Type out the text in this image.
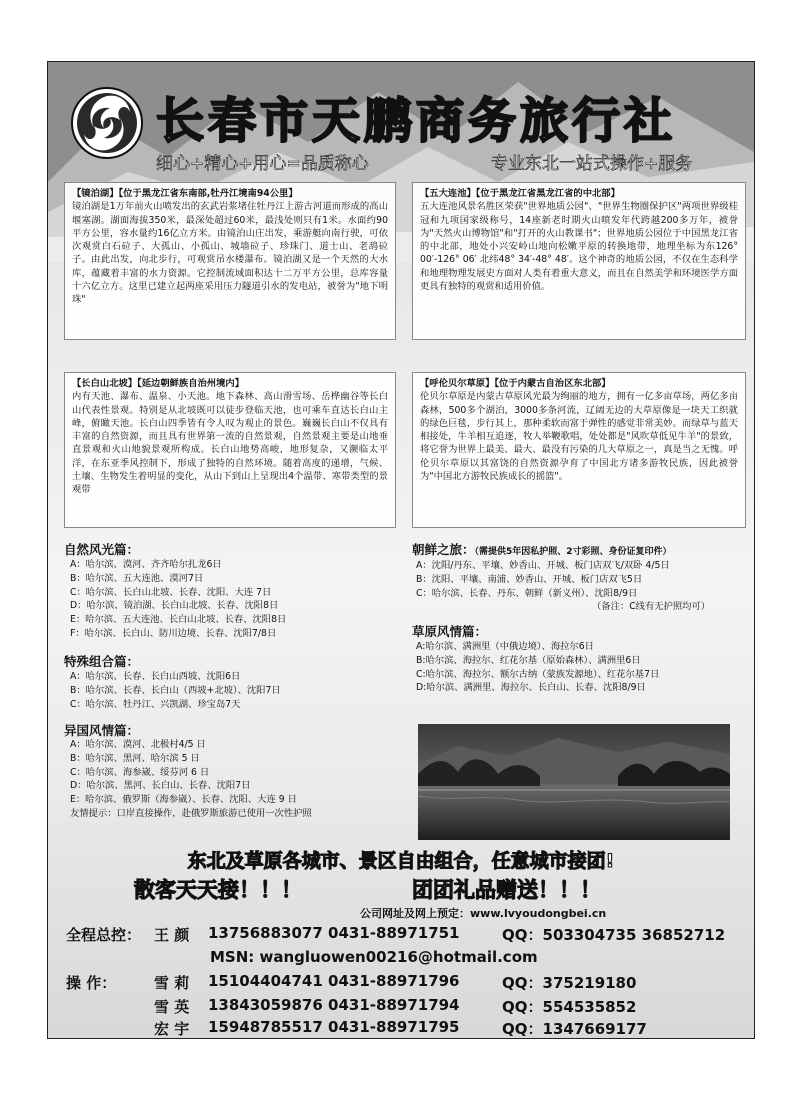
长春市天鹏商务旅行社
细心+精心+用心=品质称心	专业东北一站式操作+服务
【镜泊湖】【位于黑龙江省东南部,牡丹江境南94公里】
镜泊湖是1万年前火山喷发出的玄武岩浆堵住牡丹江上游古河道而形成的高山堰塞湖。湖面海拔350米，最深处超过60米，最浅处则只有1米。水面约90平方公里，容水量约16亿立方米。由镜泊山庄出发，乘游艇向南行驶，可依次观赏白石砬子、大孤山、小孤山、城墙砬子、珍珠门、道士山、老鸹砬子。由此出发，向北步行，可观赏吊水楼瀑布。镜泊湖又是一个天然的大水库，蕴藏着丰富的水力资源。它控制流域面积达十二万平方公里，总库容量十六亿立方。这里已建立起两座采用压力隧道引水的发电站，被誉为"地下明珠"
【五大连池】【位于黑龙江省黑龙江省的中北部】
五大连池风景名胜区荣获"世界地质公园"、"世界生物圈保护区"两项世界级桂冠和九项国家级称号，14座新老时期火山喷发年代跨越200多万年，被誉为"天然火山博物馆"和"打开的火山教课书"；世界地质公园位于中国黑龙江省的中北部，地处小兴安岭山地向松嫩平原的转换地带，地理坐标为东126° 00′-126° 06′ 北纬48° 34′-48° 48′。这个神奇的地质公园，不仅在生态科学和地理物理发展史方面对人类有着重大意义，而且在自然美学和环境医学方面更具有独特的观赏和适用价值。
【长白山北坡】【延边朝鲜族自治州境内】
内有天池、瀑布、温泉、小天池。地下森林、高山滑雪场、岳桦幽谷等长白山代表性景观。特别是从北坡既可以徒步登临天池，也可乘车直达长白山主峰，俯瞰天池。长白山四季皆有令人叹为观止的景色。巍巍长白山不仅具有丰富的自然资源，而且具有世界第一流的自然景观，自然景观主要是山地垂直景观和火山地貌景观所构成。长白山地势高峻，地形复杂，又濒临太平洋，在东亚季风控制下，形成了独特的自然环境。随着高度的递增，气候、土壤、生物发生着明显的变化，从山下到山上呈现出4个温带、寒带类型的景观带
【呼伦贝尔草原】【位于内蒙古自治区东北部】
伦贝尔草原是内蒙古草原风光最为绚丽的地方，拥有一亿多亩草场，两亿多亩森林，500多个湖泊，3000多条河流，辽阔无边的大草原像是一块天工织就的绿色巨毯，步行其上，那种柔软而富于弹性的感觉非常美妙。而绿草与蓝天相接处，牛羊相互追逐，牧人举鞭歌唱，处处都是"风吹草低见牛羊"的景致，将它誉为世界上最美、最大、最没有污染的几大草原之一，真是当之无愧。呼伦贝尔草原以其富饶的自然资源孕育了中国北方诸多游牧民族，因此被誉为"中国北方游牧民族成长的摇篮"。
自然风光篇：
A：哈尔滨、漠河、齐齐哈尔扎龙6日
B：哈尔滨、五大连池、漠河7日
C：哈尔滨、长白山北坡、长春、沈阳、大连 7日
D：哈尔滨、镜泊湖、长白山北坡、长春、沈阳8日
E：哈尔滨、五大连池、长白山北坡、长春、沈阳8日
F：哈尔滨、长白山、防川边境、长春、沈阳7/8日
特殊组合篇：
A：哈尔滨、长春、长白山西坡、沈阳6日
B：哈尔滨、长春、长白山（西坡+北坡）、沈阳7日
C：哈尔滨、牡丹江、兴凯湖、珍宝岛7天
异国风情篇：
A：哈尔滨、漠河、北极村4/5 日
B：哈尔滨、黑河、哈尔滨 5 日
C：哈尔滨、海参崴、绥芬河 6 日
D：哈尔滨、黑河、长白山、长春、沈阳7日
E：哈尔滨、俄罗斯（海参崴）、长春、沈阳、大连 9 日
友情提示：口岸直接操作，赴俄罗斯旅游已使用一次性护照
朝鲜之旅：（需提供5年因私护照、2寸彩照、身份证复印件）
A：沈阳/丹东、平壤、妙香山、开城、板门店双飞/双卧 4/5日
B：沈阳、平壤、南浦、妙香山、开城、板门店双飞5日
C：哈尔滨、长春、丹东、朝鲜（新义州）、沈阳8/9日
（备注：C线有无护照均可）
草原风情篇：
A:哈尔滨、满洲里（中俄边境）、海拉尔6日
B:哈尔滨、海拉尔、红花尔基（原始森林）、满洲里6日
C:哈尔滨、海拉尔、额尔古纳（蒙族发源地）、红花尔基7日
D:哈尔滨、满洲里、海拉尔、长白山、长春、沈阳8/9日
东北及草原各城市、景区自由组合，任意城市接团!
散客天天接！！！	团团礼品赠送！！！
公司网址及网上预定：www.lvyoudongbei.cn
全程总控： 王 颜 13756883077 0431-88971751	QQ：503304735 36852712
MSN: wangluowen00216@hotmail.com
操 作：	雪 莉 15104404741 0431-88971796	QQ：375219180
雪 英 13843059876 0431-88971794	QQ：554535852
宏 宇 15948785517 0431-88971795	QQ：1347669177
